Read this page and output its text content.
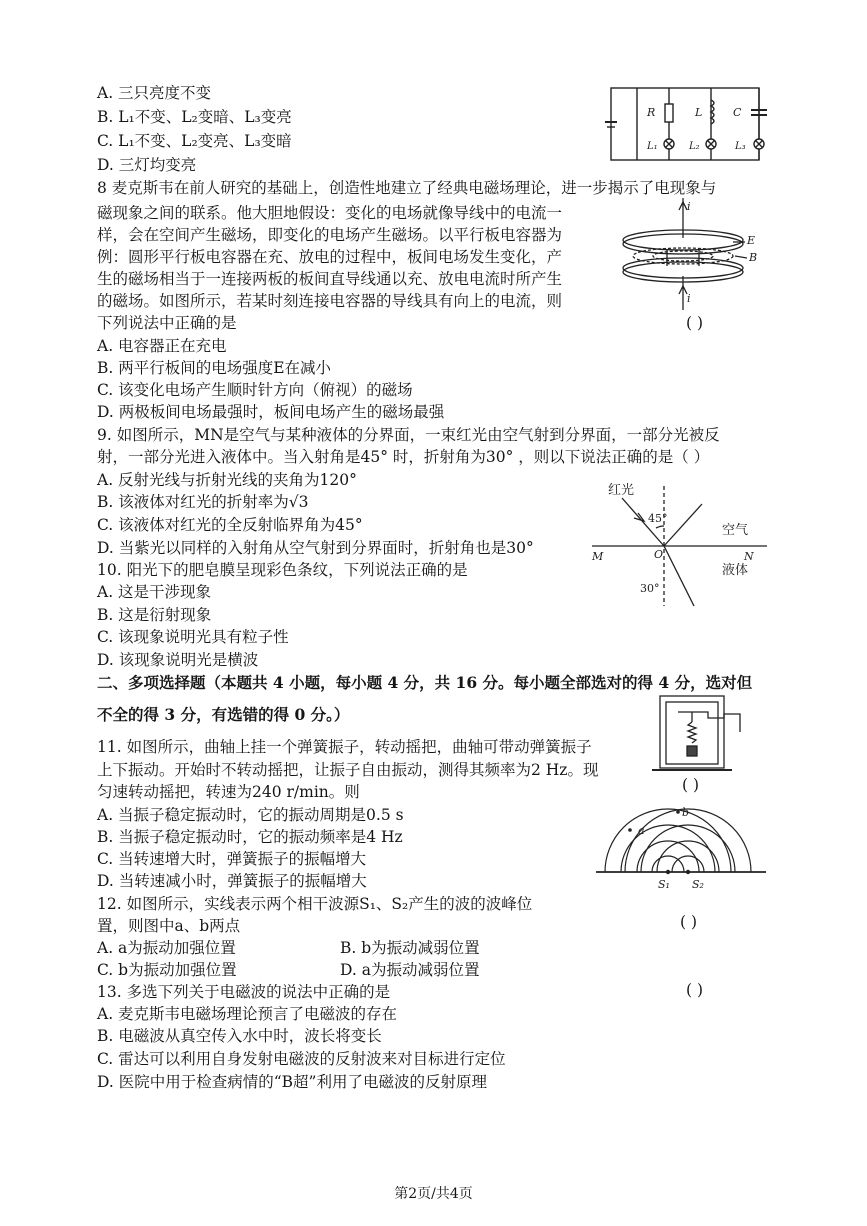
A. 三只亮度不变
B. L₁不变、L₂变暗、L₃变亮
C. L₁不变、L₂变亮、L₃变暗
D. 三灯均变亮
R	L	C
L₁	L₂	L₃
8 麦克斯韦在前人研究的基础上，创造性地建立了经典电磁场理论，进一步揭示了电现象与
磁现象之间的联系。他大胆地假设：变化的电场就像导线中的电流一
样，会在空间产生磁场，即变化的电场产生磁场。以平行板电容器为
例：圆形平行板电容器在充、放电的过程中，板间电场发生变化，产
生的磁场相当于一连接两板的板间直导线通以充、放电电流时所产生
的磁场。如图所示，若某时刻连接电容器的导线具有向上的电流，则
下列说法中正确的是	( )
A. 电容器正在充电
B. 两平行板间的电场强度E在减小
C. 该变化电场产生顺时针方向（俯视）的磁场
D. 两极板间电场最强时，板间电场产生的磁场最强
i
i
E
B
9. 如图所示，MN是空气与某种液体的分界面，一束红光由空气射到分界面，一部分光被反
射，一部分光进入液体中。当入射角是45° 时，折射角为30° ，则以下说法正确的是（ ）
A. 反射光线与折射光线的夹角为120°
B. 该液体对红光的折射率为√3
C. 该液体对红光的全反射临界角为45°
D. 当紫光以同样的入射角从空气射到分界面时，折射角也是30°
红光
空气
液体
M	N
O
45°
30°
10. 阳光下的肥皂膜呈现彩色条纹，下列说法正确的是
A. 这是干涉现象
B. 这是衍射现象
C. 该现象说明光具有粒子性
D. 该现象说明光是横波
二、多项选择题（本题共 4 小题，每小题 4 分，共 16 分。每小题全部选对的得 4 分，选对但
不全的得 3 分，有选错的得 0 分。）
( )
11. 如图所示，曲轴上挂一个弹簧振子，转动摇把，曲轴可带动弹簧振子
上下振动。开始时不转动摇把，让振子自由振动，测得其频率为2 Hz。现
匀速转动摇把，转速为240 r/min。则
A. 当振子稳定振动时，它的振动周期是0.5 s
B. 当振子稳定振动时，它的振动频率是4 Hz
C. 当转速增大时，弹簧振子的振幅增大
D. 当转速减小时，弹簧振子的振幅增大
a
b
S₁ S₂
12. 如图所示，实线表示两个相干波源S₁、S₂产生的波的波峰位
置，则图中a、b两点	( )
A. a为振动加强位置	B. b为振动减弱位置
C. b为振动加强位置	D. a为振动减弱位置
13. 多选下列关于电磁波的说法中正确的是	( )
A. 麦克斯韦电磁场理论预言了电磁波的存在
B. 电磁波从真空传入水中时，波长将变长
C. 雷达可以利用自身发射电磁波的反射波来对目标进行定位
D. 医院中用于检查病情的“B超”利用了电磁波的反射原理
第2页/共4页
